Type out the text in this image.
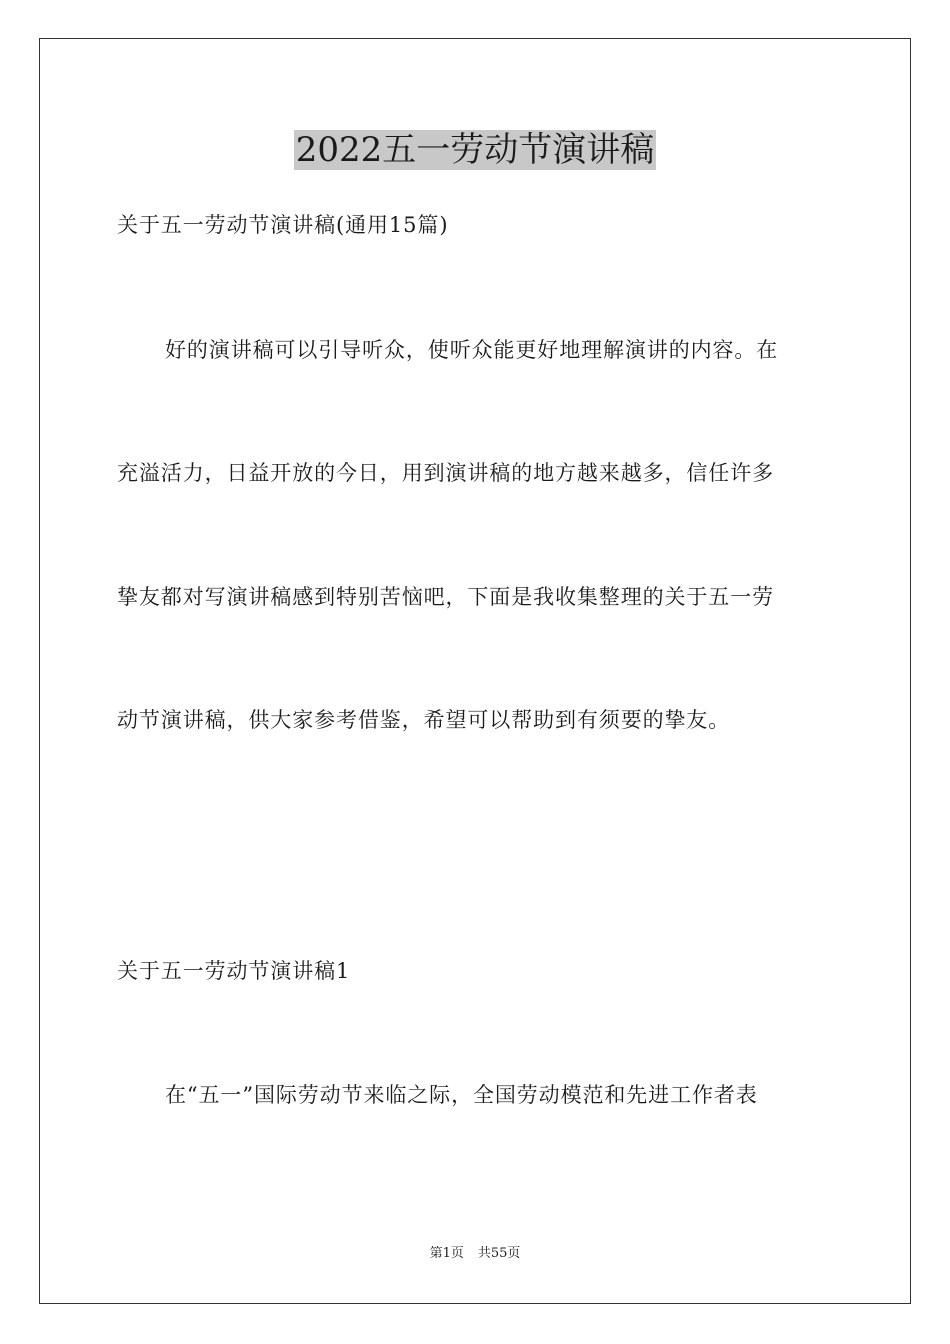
2022五一劳动节演讲稿
关于五一劳动节演讲稿(通用15篇)
好的演讲稿可以引导听众，使听众能更好地理解演讲的内容。在
充溢活力，日益开放的今日，用到演讲稿的地方越来越多，信任许多
挚友都对写演讲稿感到特别苦恼吧，下面是我收集整理的关于五一劳
动节演讲稿，供大家参考借鉴，希望可以帮助到有须要的挚友。
关于五一劳动节演讲稿1
在“五一”国际劳动节来临之际，全国劳动模范和先进工作者表
第1页 共55页
